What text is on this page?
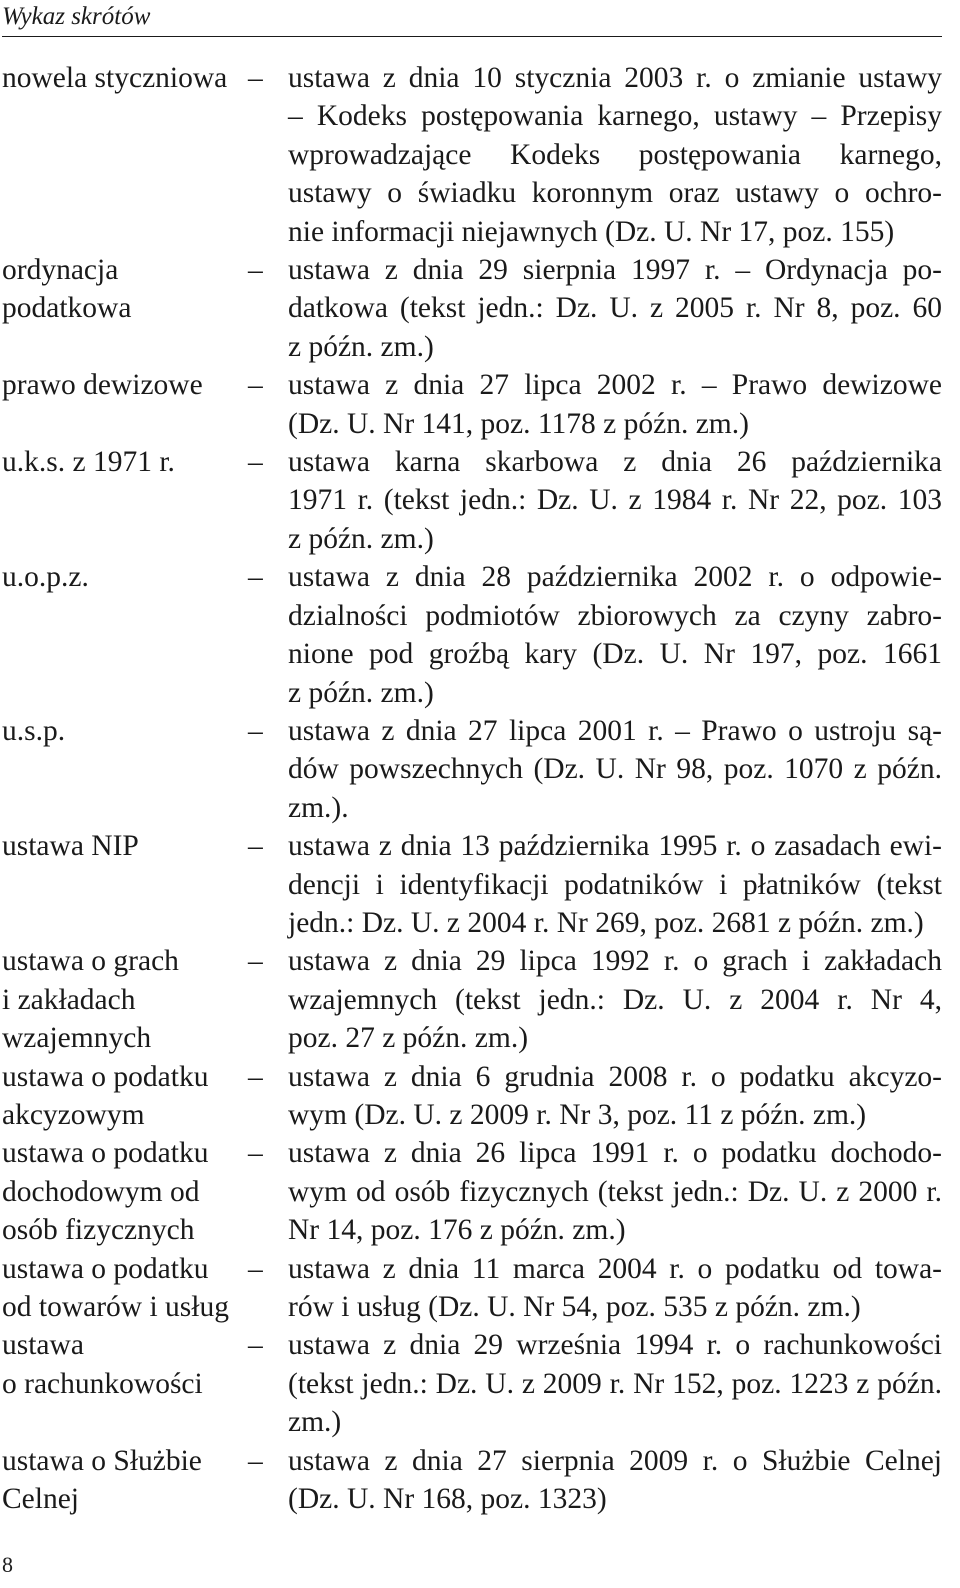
Wykaz skrótów
nowela styczniowa – ustawa z dnia 10 stycznia 2003 r. o zmianie ustawy
– Kodeks postępowania karnego, ustawy – Przepisy
wprowadzające Kodeks postępowania karnego,
ustawy o świadku koronnym oraz ustawy o ochro-
nie informacji niejawnych (Dz. U. Nr 17, poz. 155)
ordynacja
podatkowa
– ustawa z dnia 29 sierpnia 1997 r. – Ordynacja po-
datkowa (tekst jedn.: Dz. U. z 2005 r. Nr 8, poz. 60
z późn. zm.)
prawo dewizowe	– ustawa z dnia 27 lipca 2002 r. – Prawo dewizowe
(Dz. U. Nr 141, poz. 1178 z późn. zm.)
u.k.s. z 1971 r.	– ustawa karna skarbowa z dnia 26 października
1971 r. (tekst jedn.: Dz. U. z 1984 r. Nr 22, poz. 103
z późn. zm.)
u.o.p.z.	– ustawa z dnia 28 października 2002 r. o odpowie-
dzialności podmiotów zbiorowych za czyny zabro-
nione pod groźbą kary (Dz. U. Nr 197, poz. 1661
z późn. zm.)
u.s.p.	– ustawa z dnia 27 lipca 2001 r. – Prawo o ustroju są-
dów powszechnych (Dz. U. Nr 98, poz. 1070 z późn.
zm.).
ustawa NIP	– ustawa z dnia 13 października 1995 r. o zasadach ewi-
dencji i identyfikacji podatników i płatników (tekst
jedn.: Dz. U. z 2004 r. Nr 269, poz. 2681 z późn. zm.)
ustawa o grach
i zakładach
wzajemnych
– ustawa z dnia 29 lipca 1992 r. o grach i zakładach
wzajemnych (tekst jedn.: Dz. U. z 2004 r. Nr 4,
poz. 27 z późn. zm.)
ustawa o podatku
akcyzowym
– ustawa z dnia 6 grudnia 2008 r. o podatku akcyzo-
wym (Dz. U. z 2009 r. Nr 3, poz. 11 z późn. zm.)
ustawa o podatku
dochodowym od
osób fizycznych
– ustawa z dnia 26 lipca 1991 r. o podatku dochodo-
wym od osób fizycznych (tekst jedn.: Dz. U. z 2000 r.
Nr 14, poz. 176 z późn. zm.)
ustawa o podatku
od towarów i usług
– ustawa z dnia 11 marca 2004 r. o podatku od towa-
rów i usług (Dz. U. Nr 54, poz. 535 z późn. zm.)
ustawa
o rachunkowości
– ustawa z dnia 29 września 1994 r. o rachunkowości
(tekst jedn.: Dz. U. z 2009 r. Nr 152, poz. 1223 z późn.
zm.)
ustawa o Służbie
Celnej
– ustawa z dnia 27 sierpnia 2009 r. o Służbie Celnej
(Dz. U. Nr 168, poz. 1323)
8
